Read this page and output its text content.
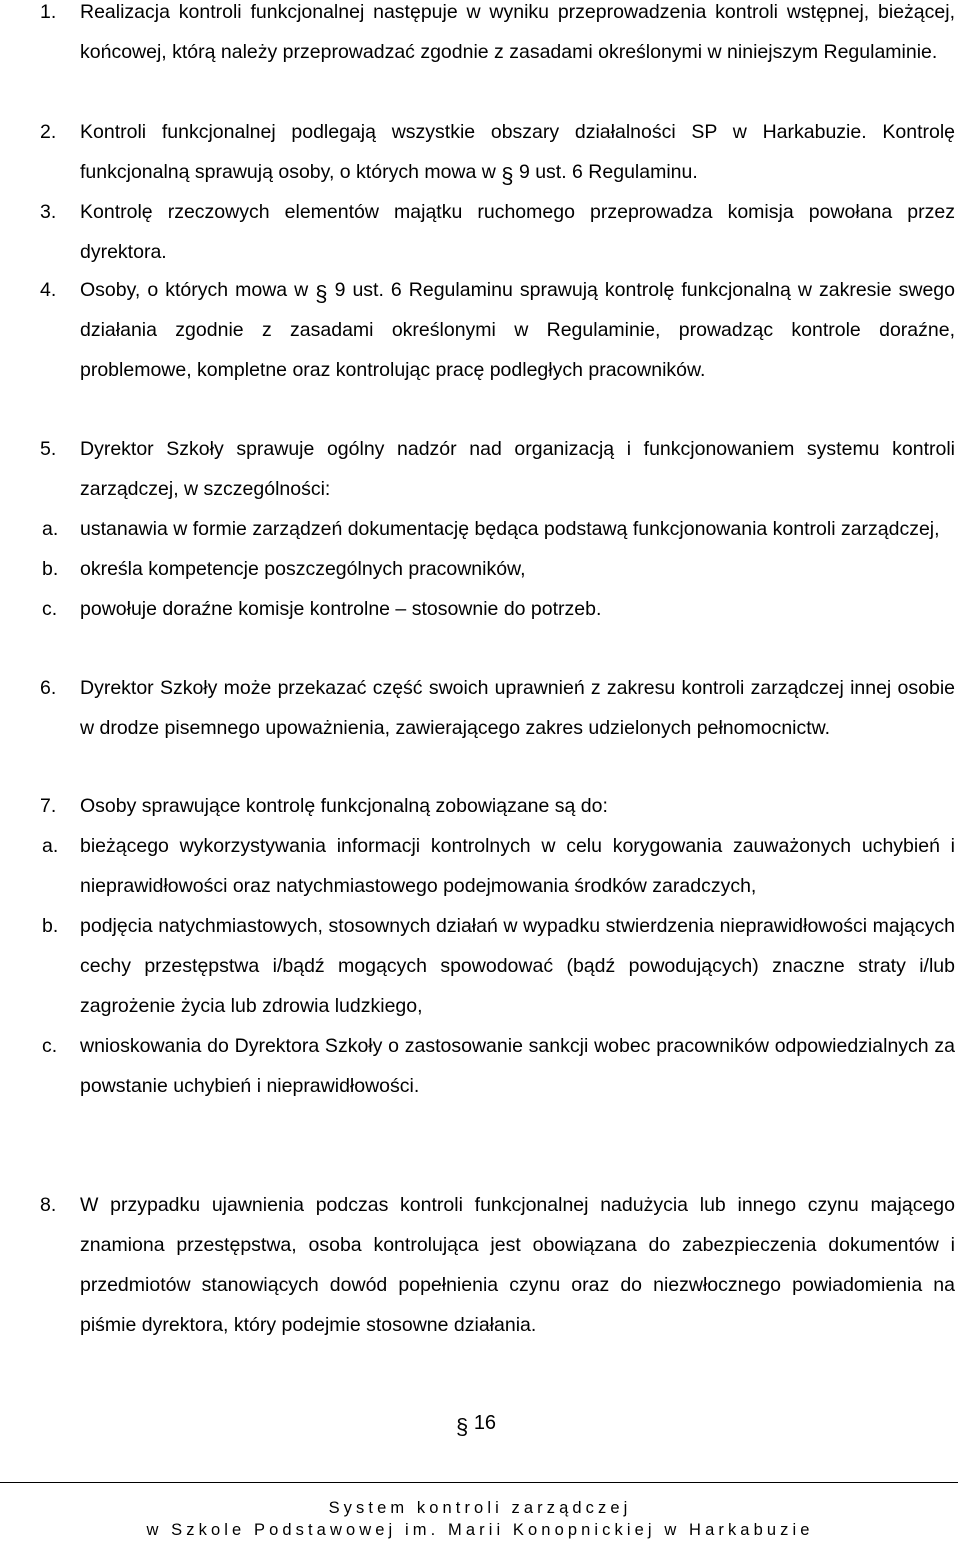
1. Realizacja kontroli funkcjonalnej następuje w wyniku przeprowadzenia kontroli wstępnej, bieżącej, końcowej, którą należy przeprowadzać zgodnie z zasadami określonymi w niniejszym Regulaminie.
2. Kontroli funkcjonalnej podlegają wszystkie obszary działalności SP w Harkabuzie. Kontrolę funkcjonalną sprawują osoby, o których mowa w § 9 ust. 6 Regulaminu.
3. Kontrolę rzeczowych elementów majątku ruchomego przeprowadza komisja powołana przez dyrektora.
4. Osoby, o których mowa w § 9 ust. 6 Regulaminu sprawują kontrolę funkcjonalną w zakresie swego działania zgodnie z zasadami określonymi w Regulaminie, prowadząc kontrole doraźne, problemowe, kompletne oraz kontrolując pracę podległych pracowników.
5. Dyrektor Szkoły sprawuje ogólny nadzór nad organizacją i funkcjonowaniem systemu kontroli zarządczej, w szczególności:
a. ustanawia w formie zarządzeń dokumentację będąca podstawą funkcjonowania kontroli zarządczej,
b. określa kompetencje poszczególnych pracowników,
c. powołuje doraźne komisje kontrolne – stosownie do potrzeb.
6. Dyrektor Szkoły może przekazać część swoich uprawnień z zakresu kontroli zarządczej innej osobie w drodze pisemnego upoważnienia, zawierającego zakres udzielonych pełnomocnictw.
7. Osoby sprawujące kontrolę funkcjonalną zobowiązane są do:
a. bieżącego wykorzystywania informacji kontrolnych w celu korygowania zauważonych uchybień i nieprawidłowości oraz natychmiastowego podejmowania środków zaradczych,
b. podjęcia natychmiastowych, stosownych działań w wypadku stwierdzenia nieprawidłowości mających cechy przestępstwa i/bądź mogących spowodować (bądź powodujących) znaczne straty i/lub zagrożenie życia lub zdrowia ludzkiego,
c. wnioskowania do Dyrektora Szkoły o zastosowanie sankcji wobec pracowników odpowiedzialnych za powstanie uchybień i nieprawidłowości.
8. W przypadku ujawnienia podczas kontroli funkcjonalnej nadużycia lub innego czynu mającego znamiona przestępstwa, osoba kontrolująca jest obowiązana do zabezpieczenia dokumentów i przedmiotów stanowiących dowód popełnienia czynu oraz do niezwłocznego powiadomienia na piśmie dyrektora, który podejmie stosowne działania.
§ 16
System kontroli zarządczej
w Szkole Podstawowej im. Marii Konopnickiej w Harkabuzie
